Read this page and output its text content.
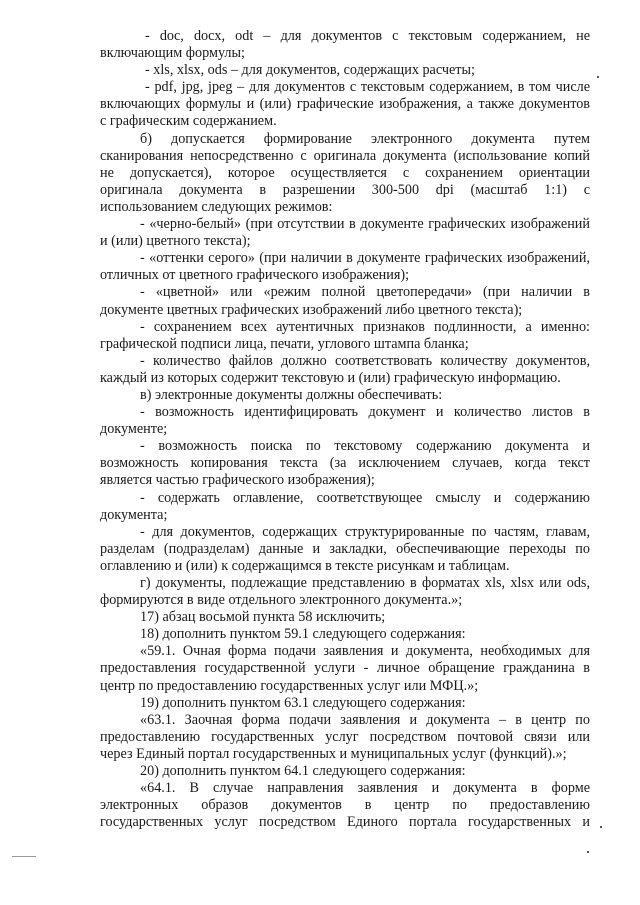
- doc, docx, odt – для документов с текстовым содержанием, не
включающим формулы;
- xls, xlsx, ods – для документов, содержащих расчеты;
- pdf, jpg, jpeg – для документов с текстовым содержанием, в том числе
включающих формулы и (или) графические изображения, а также документов
с графическим содержанием.
б) допускается формирование электронного документа путем
сканирования непосредственно с оригинала документа (использование копий
не допускается), которое осуществляется с сохранением ориентации
оригинала документа в разрешении 300-500 dpi (масштаб 1:1) с
использованием следующих режимов:
- «черно-белый» (при отсутствии в документе графических изображений
и (или) цветного текста);
- «оттенки серого» (при наличии в документе графических изображений,
отличных от цветного графического изображения);
- «цветной» или «режим полной цветопередачи» (при наличии в
документе цветных графических изображений либо цветного текста);
- сохранением всех аутентичных признаков подлинности, а именно:
графической подписи лица, печати, углового штампа бланка;
- количество файлов должно соответствовать количеству документов,
каждый из которых содержит текстовую и (или) графическую информацию.
в) электронные документы должны обеспечивать:
- возможность идентифицировать документ и количество листов в
документе;
- возможность поиска по текстовому содержанию документа и
возможность копирования текста (за исключением случаев, когда текст
является частью графического изображения);
- содержать оглавление, соответствующее смыслу и содержанию
документа;
- для документов, содержащих структурированные по частям, главам,
разделам (подразделам) данные и закладки, обеспечивающие переходы по
оглавлению и (или) к содержащимся в тексте рисункам и таблицам.
г) документы, подлежащие представлению в форматах xls, xlsx или ods,
формируются в виде отдельного электронного документа.»;
17) абзац восьмой пункта 58 исключить;
18) дополнить пунктом 59.1 следующего содержания:
«59.1. Очная форма подачи заявления и документа, необходимых для
предоставления государственной услуги - личное обращение гражданина в
центр по предоставлению государственных услуг или МФЦ.»;
19) дополнить пунктом 63.1 следующего содержания:
«63.1. Заочная форма подачи заявления и документа – в центр по
предоставлению государственных услуг посредством почтовой связи или
через Единый портал государственных и муниципальных услуг (функций).»;
20) дополнить пунктом 64.1 следующего содержания:
«64.1. В случае направления заявления и документа в форме
электронных образов документов в центр по предоставлению
государственных услуг посредством Единого портала государственных и
